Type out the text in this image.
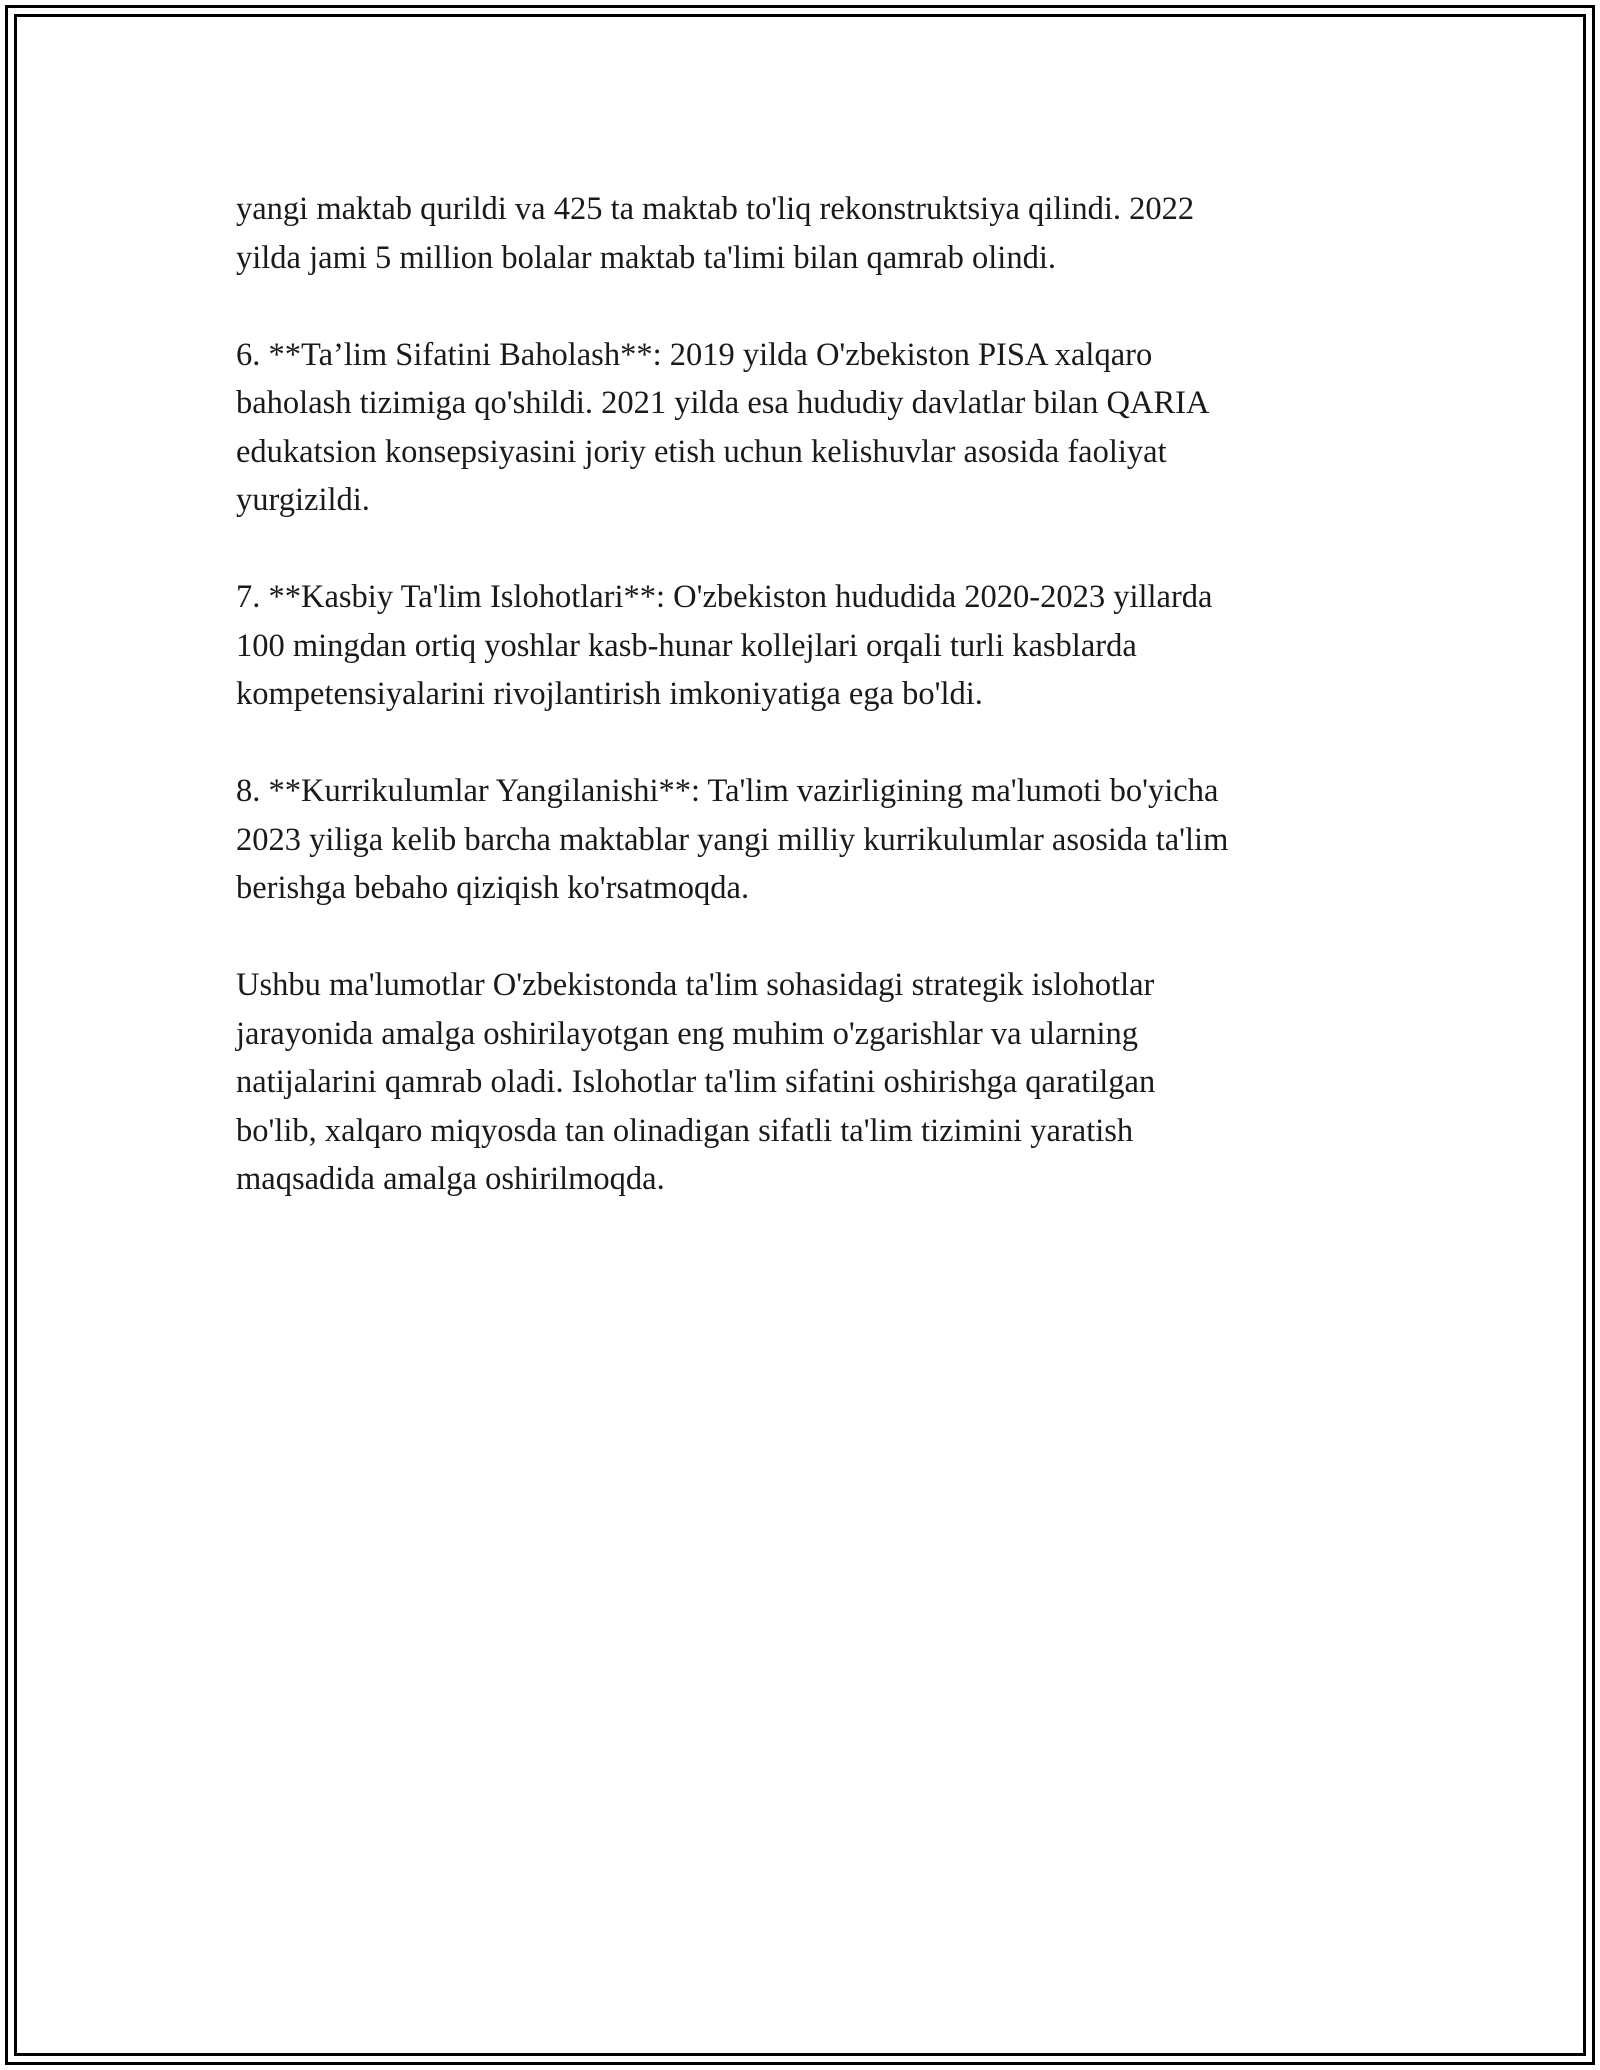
yangi maktab qurildi va 425 ta maktab to'liq rekonstruktsiya qilindi. 2022
yilda jami 5 million bolalar maktab ta'limi bilan qamrab olindi.

6. **Ta’lim Sifatini Baholash**: 2019 yilda O'zbekiston PISA xalqaro
baholash tizimiga qo'shildi. 2021 yilda esa hududiy davlatlar bilan QARIA
edukatsion konsepsiyasini joriy etish uchun kelishuvlar asosida faoliyat
yurgizildi.

7. **Kasbiy Ta'lim Islohotlari**: O'zbekiston hududida 2020-2023 yillarda
100 mingdan ortiq yoshlar kasb-hunar kollejlari orqali turli kasblarda
kompetensiyalarini rivojlantirish imkoniyatiga ega bo'ldi.

8. **Kurrikulumlar Yangilanishi**: Ta'lim vazirligining ma'lumoti bo'yicha
2023 yiliga kelib barcha maktablar yangi milliy kurrikulumlar asosida ta'lim
berishga bebaho qiziqish ko'rsatmoqda.

Ushbu ma'lumotlar O'zbekistonda ta'lim sohasidagi strategik islohotlar
jarayonida amalga oshirilayotgan eng muhim o'zgarishlar va ularning
natijalarini qamrab oladi. Islohotlar ta'lim sifatini oshirishga qaratilgan
bo'lib, xalqaro miqyosda tan olinadigan sifatli ta'lim tizimini yaratish
maqsadida amalga oshirilmoqda.
